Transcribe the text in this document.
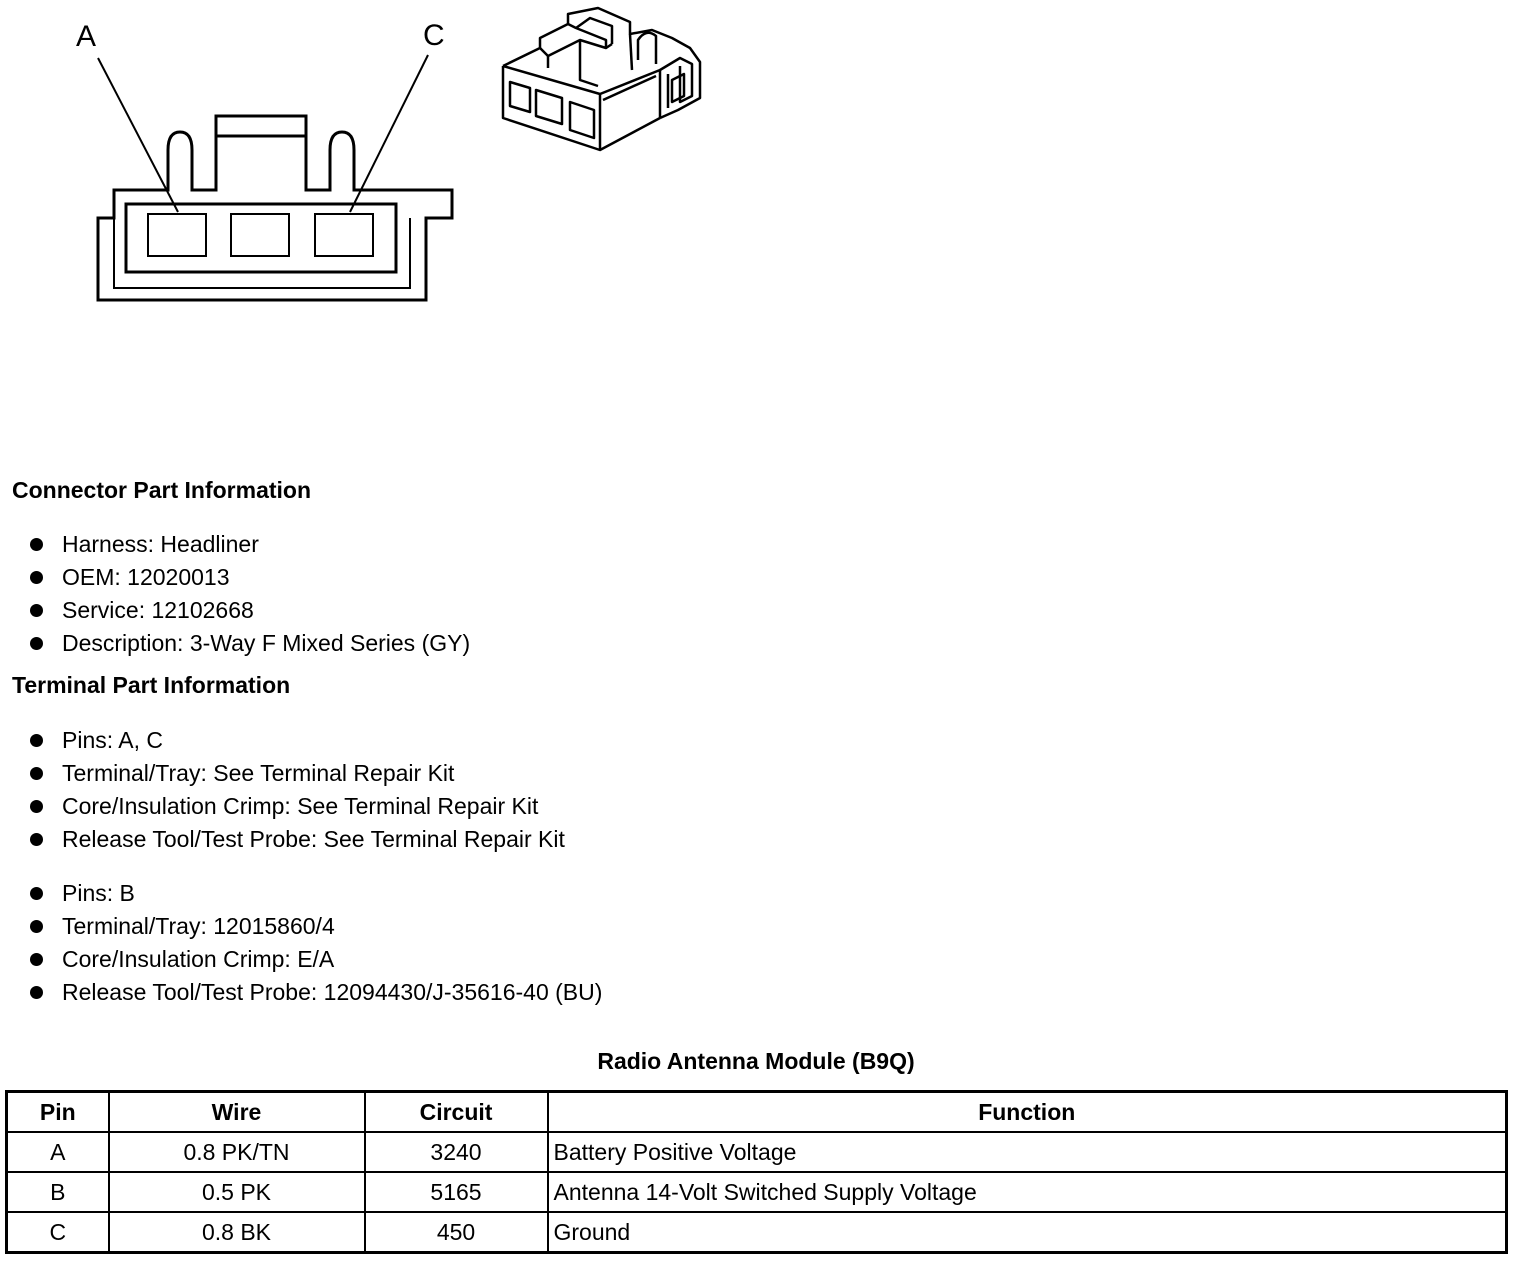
A	C
Connector Part Information
Harness: Headliner
OEM: 12020013
Service: 12102668
Description: 3-Way F Mixed Series (GY)
Terminal Part Information
Pins: A, C
Terminal/Tray: See Terminal Repair Kit
Core/Insulation Crimp: See Terminal Repair Kit
Release Tool/Test Probe: See Terminal Repair Kit
Pins: B
Terminal/Tray: 12015860/4
Core/Insulation Crimp: E/A
Release Tool/Test Probe: 12094430/J-35616-40 (BU)
Radio Antenna Module (B9Q)
Pin	Wire	Circuit	Function
A	0.8 PK/TN	3240	Battery Positive Voltage
B	0.5 PK	5165	Antenna 14-Volt Switched Supply Voltage
C	0.8 BK	450	Ground
